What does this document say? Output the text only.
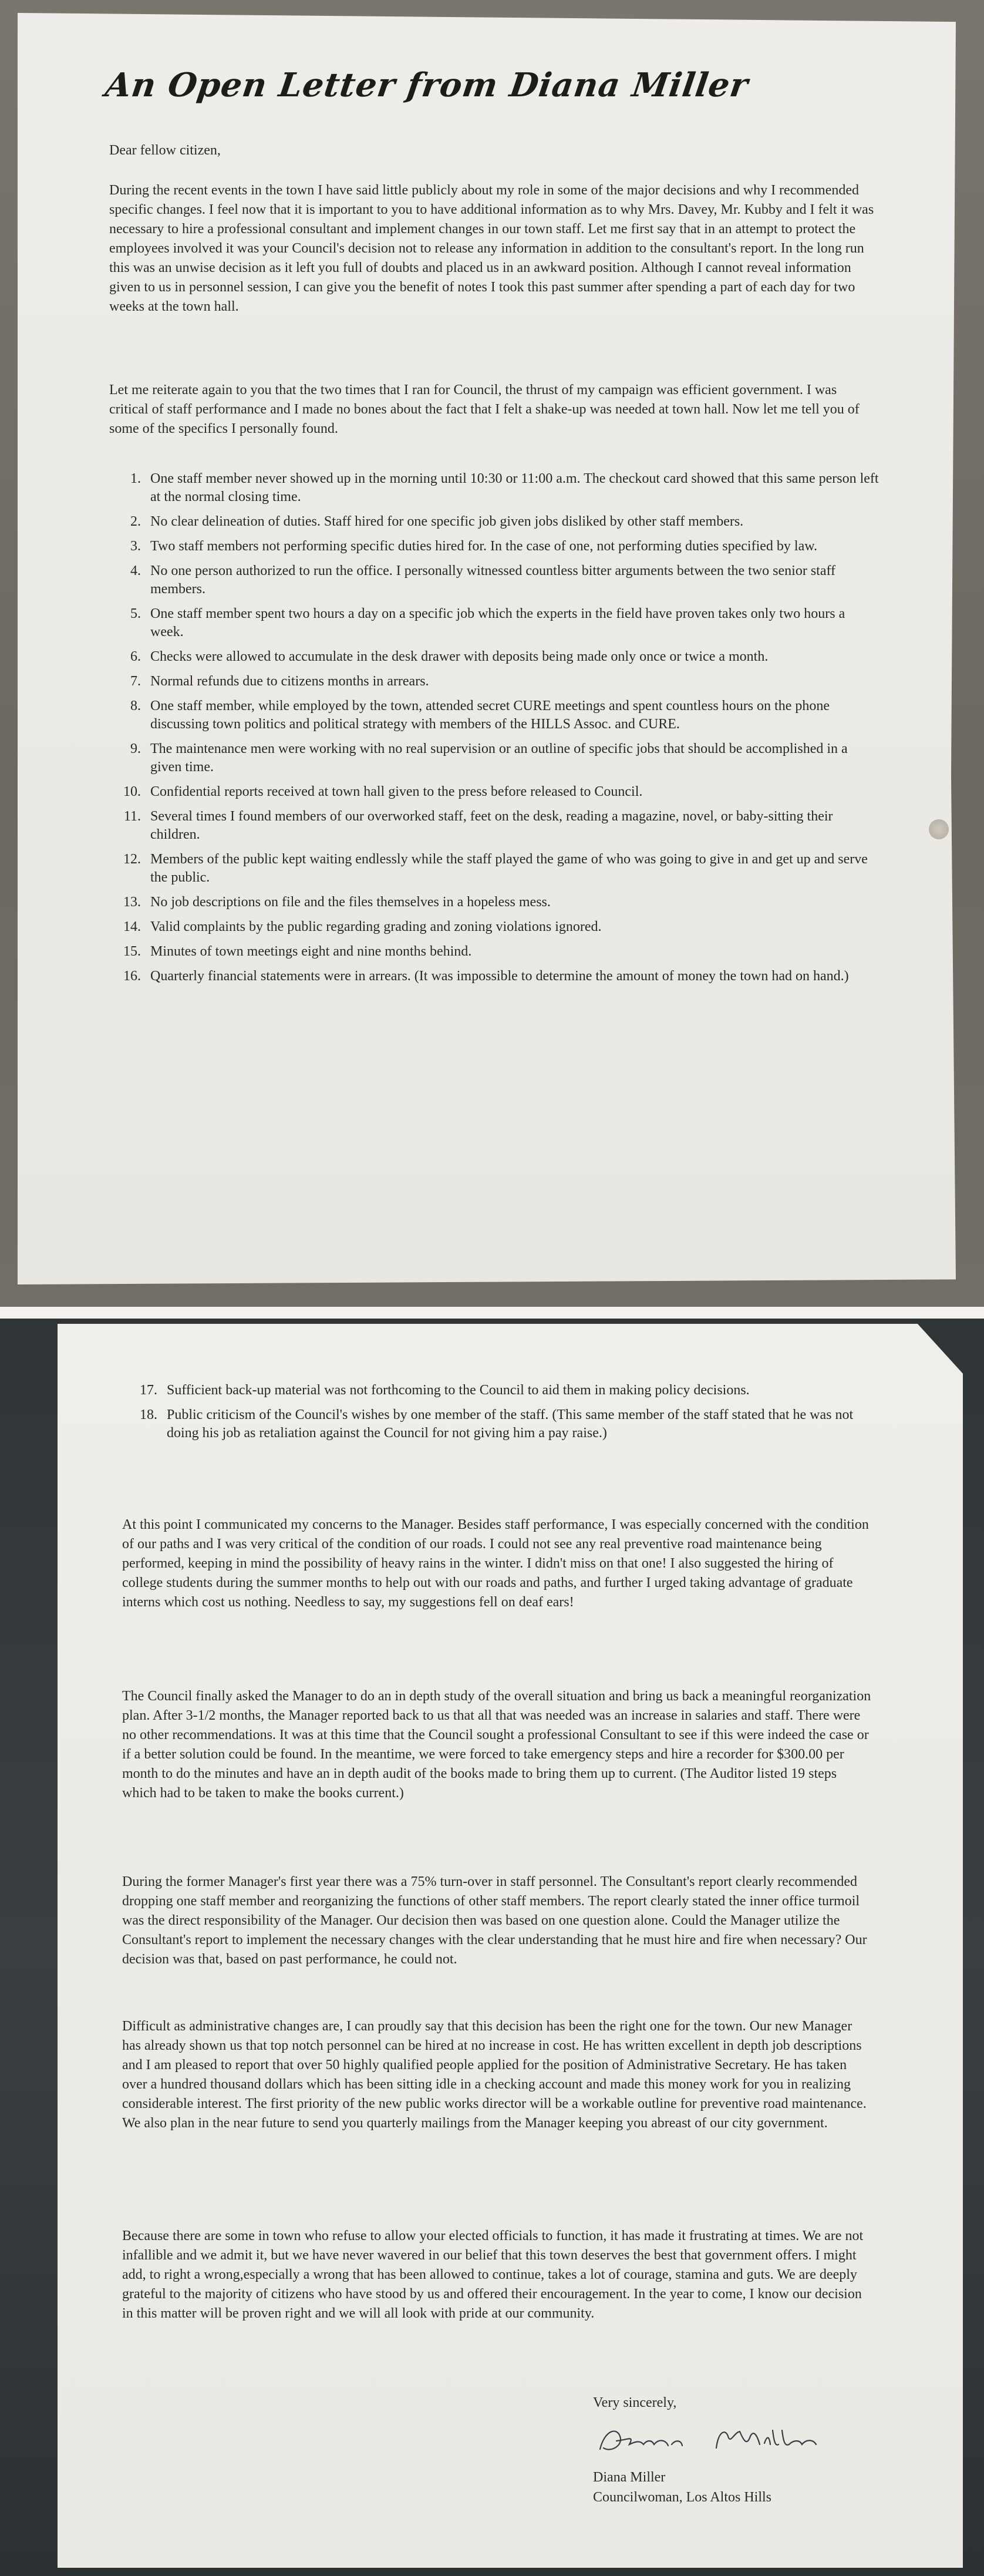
An Open Letter from Diana Miller

Dear fellow citizen,

During the recent events in the town I have said little publicly about my role in some of the major decisions and why I recommended specific changes. I feel now that it is important to you to have additional information as to why Mrs. Davey, Mr. Kubby and I felt it was necessary to hire a professional consultant and implement changes in our town staff. Let me first say that in an attempt to protect the employees involved it was your Council's decision not to release any information in addition to the consultant's report. In the long run this was an unwise decision as it left you full of doubts and placed us in an awkward position. Although I cannot reveal information given to us in personnel session, I can give you the benefit of notes I took this past summer after spending a part of each day for two weeks at the town hall.

Let me reiterate again to you that the two times that I ran for Council, the thrust of my campaign was efficient government. I was critical of staff performance and I made no bones about the fact that I felt a shake-up was needed at town hall. Now let me tell you of some of the specifics I personally found.

1. One staff member never showed up in the morning until 10:30 or 11:00 a.m. The checkout card showed that this same person left at the normal closing time.
2. No clear delineation of duties. Staff hired for one specific job given jobs disliked by other staff members.
3. Two staff members not performing specific duties hired for. In the case of one, not performing duties specified by law.
4. No one person authorized to run the office. I personally witnessed countless bitter arguments between the two senior staff members.
5. One staff member spent two hours a day on a specific job which the experts in the field have proven takes only two hours a week.
6. Checks were allowed to accumulate in the desk drawer with deposits being made only once or twice a month.
7. Normal refunds due to citizens months in arrears.
8. One staff member, while employed by the town, attended secret CURE meetings and spent countless hours on the phone discussing town politics and political strategy with members of the HILLS Assoc. and CURE.
9. The maintenance men were working with no real supervision or an outline of specific jobs that should be accomplished in a given time.
10. Confidential reports received at town hall given to the press before released to Council.
11. Several times I found members of our overworked staff, feet on the desk, reading a magazine, novel, or baby-sitting their children.
12. Members of the public kept waiting endlessly while the staff played the game of who was going to give in and get up and serve the public.
13. No job descriptions on file and the files themselves in a hopeless mess.
14. Valid complaints by the public regarding grading and zoning violations ignored.
15. Minutes of town meetings eight and nine months behind.
16. Quarterly financial statements were in arrears. (It was impossible to determine the amount of money the town had on hand.)
17. Sufficient back-up material was not forthcoming to the Council to aid them in making policy decisions.
18. Public criticism of the Council's wishes by one member of the staff. (This same member of the staff stated that he was not doing his job as retaliation against the Council for not giving him a pay raise.)

At this point I communicated my concerns to the Manager. Besides staff performance, I was especially concerned with the condition of our paths and I was very critical of the condition of our roads. I could not see any real preventive road maintenance being performed, keeping in mind the possibility of heavy rains in the winter. I didn't miss on that one! I also suggested the hiring of college students during the summer months to help out with our roads and paths, and further I urged taking advantage of graduate interns which cost us nothing. Needless to say, my suggestions fell on deaf ears!

The Council finally asked the Manager to do an in depth study of the overall situation and bring us back a meaningful reorganization plan. After 3-1/2 months, the Manager reported back to us that all that was needed was an increase in salaries and staff. There were no other recommendations. It was at this time that the Council sought a professional Consultant to see if this were indeed the case or if a better solution could be found. In the meantime, we were forced to take emergency steps and hire a recorder for $300.00 per month to do the minutes and have an in depth audit of the books made to bring them up to current. (The Auditor listed 19 steps which had to be taken to make the books current.)

During the former Manager's first year there was a 75% turn-over in staff personnel. The Consultant's report clearly recommended dropping one staff member and reorganizing the functions of other staff members. The report clearly stated the inner office turmoil was the direct responsibility of the Manager. Our decision then was based on one question alone. Could the Manager utilize the Consultant's report to implement the necessary changes with the clear understanding that he must hire and fire when necessary? Our decision was that, based on past performance, he could not.

Difficult as administrative changes are, I can proudly say that this decision has been the right one for the town. Our new Manager has already shown us that top notch personnel can be hired at no increase in cost. He has written excellent in depth job descriptions and I am pleased to report that over 50 highly qualified people applied for the position of Administrative Secretary. He has taken over a hundred thousand dollars which has been sitting idle in a checking account and made this money work for you in realizing considerable interest. The first priority of the new public works director will be a workable outline for preventive road maintenance. We also plan in the near future to send you quarterly mailings from the Manager keeping you abreast of our city government.

Because there are some in town who refuse to allow your elected officials to function, it has made it frustrating at times. We are not infallible and we admit it, but we have never wavered in our belief that this town deserves the best that government offers. I might add, to right a wrong,especially a wrong that has been allowed to continue, takes a lot of courage, stamina and guts. We are deeply grateful to the majority of citizens who have stood by us and offered their encouragement. In the year to come, I know our decision in this matter will be proven right and we will all look with pride at our community.

Very sincerely,

Diana Miller

Councilwoman, Los Altos Hills
